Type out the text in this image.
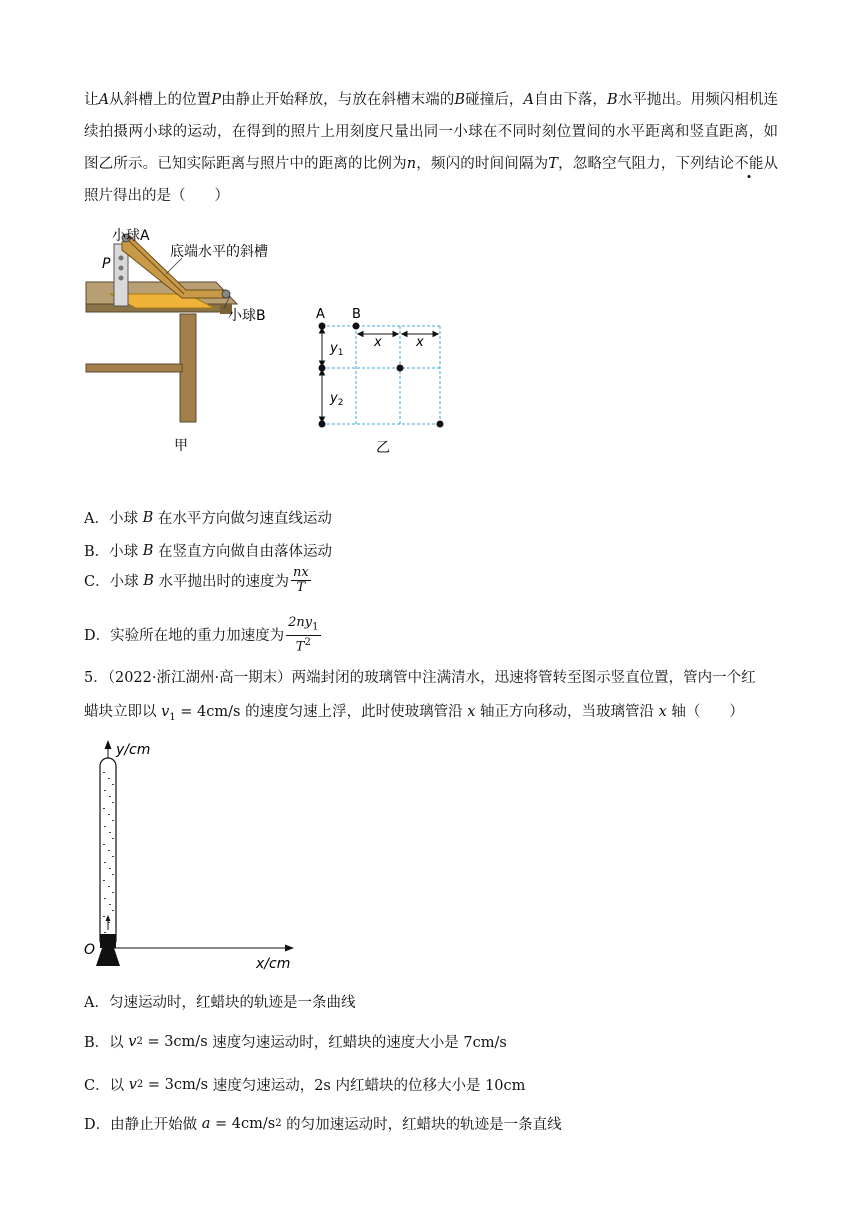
让A从斜槽上的位置P由静止开始释放，与放在斜槽末端的B碰撞后，A自由下落，B水平抛出。用频闪相机连续拍摄两小球的运动，在得到的照片上用刻度尺量出同一小球在不同时刻位置间的水平距离和竖直距离，如图乙所示。已知实际距离与照片中的距离的比例为n，频闪的时间间隔为T，忽略空气阻力，下列结论不能从照片得出的是（　　）
小球A
P
底端水平的斜槽
小球B
甲
A B
x	x
$y_1$
$y_2$
乙
A．小球
B
在水平方向做匀速直线运动
B．小球
B
在竖直方向做自由落体运动
C．小球
B
水平抛出时的速度为 $\frac{nx}{T}$
D．实验所在地的重力加速度为 $\frac{2ny_1}{T^2}$
5．（2022·浙江湖州·高一期末）两端封闭的玻璃管中注满清水，迅速将管转至图示竖直位置，管内一个红
蜡块立即以 $v_1 = 4cm/s$ 的速度匀速上浮，此时使玻璃管沿 x 轴正方向移动，当玻璃管沿 x 轴（　　）
y/cm
x/cm
O
A．匀速运动时，红蜡块的轨迹是一条曲线
B．以
v 2
= 3cm/s
速度匀速运动时，红蜡块的速度大小是 7cm/s
C．以
v 2
= 3cm/s
速度匀速运动，2s 内红蜡块的位移大小是 10cm
D．由静止开始做
a
= 4cm/s 2
的匀加速运动时，红蜡块的轨迹是一条直线
